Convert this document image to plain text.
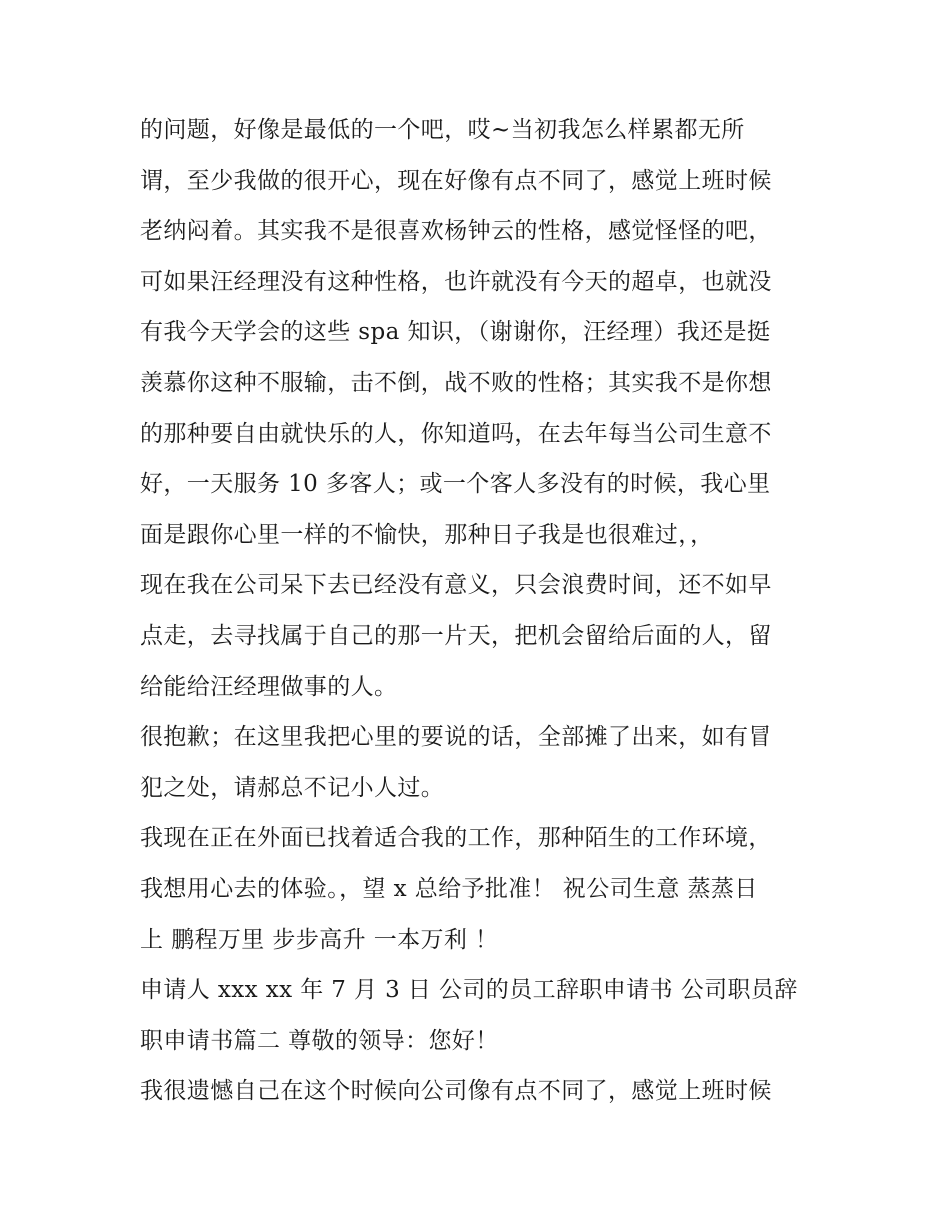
的问题，好像是最低的一个吧，哎~当初我怎么样累都无所
谓，至少我做的很开心，现在好像有点不同了，感觉上班时候
老纳闷着。其实我不是很喜欢杨钟云的性格，感觉怪怪的吧，
可如果汪经理没有这种性格，也许就没有今天的超卓，也就没
有我今天学会的这些 spa 知识，（谢谢你，汪经理）我还是挺
羡慕你这种不服输，击不倒，战不败的性格；其实我不是你想
的那种要自由就快乐的人，你知道吗，在去年每当公司生意不
好，一天服务 10 多客人；或一个客人多没有的时候，我心里
面是跟你心里一样的不愉快，那种日子我是也很难过，，
现在我在公司呆下去已经没有意义，只会浪费时间，还不如早
点走，去寻找属于自己的那一片天，把机会留给后面的人，留
给能给汪经理做事的人。
很抱歉；在这里我把心里的要说的话，全部摊了出来，如有冒
犯之处，请郝总不记小人过。
我现在正在外面已找着适合我的工作，那种陌生的工作环境，
我想用心去的体验。，望 x 总给予批准！ 祝公司生意 蒸蒸日
上 鹏程万里 步步高升 一本万利 ！
申请人 xxx xx 年 7 月 3 日 公司的员工辞职申请书 公司职员辞
职申请书篇二 尊敬的领导：您好！
我很遗憾自己在这个时候向公司像有点不同了，感觉上班时候
